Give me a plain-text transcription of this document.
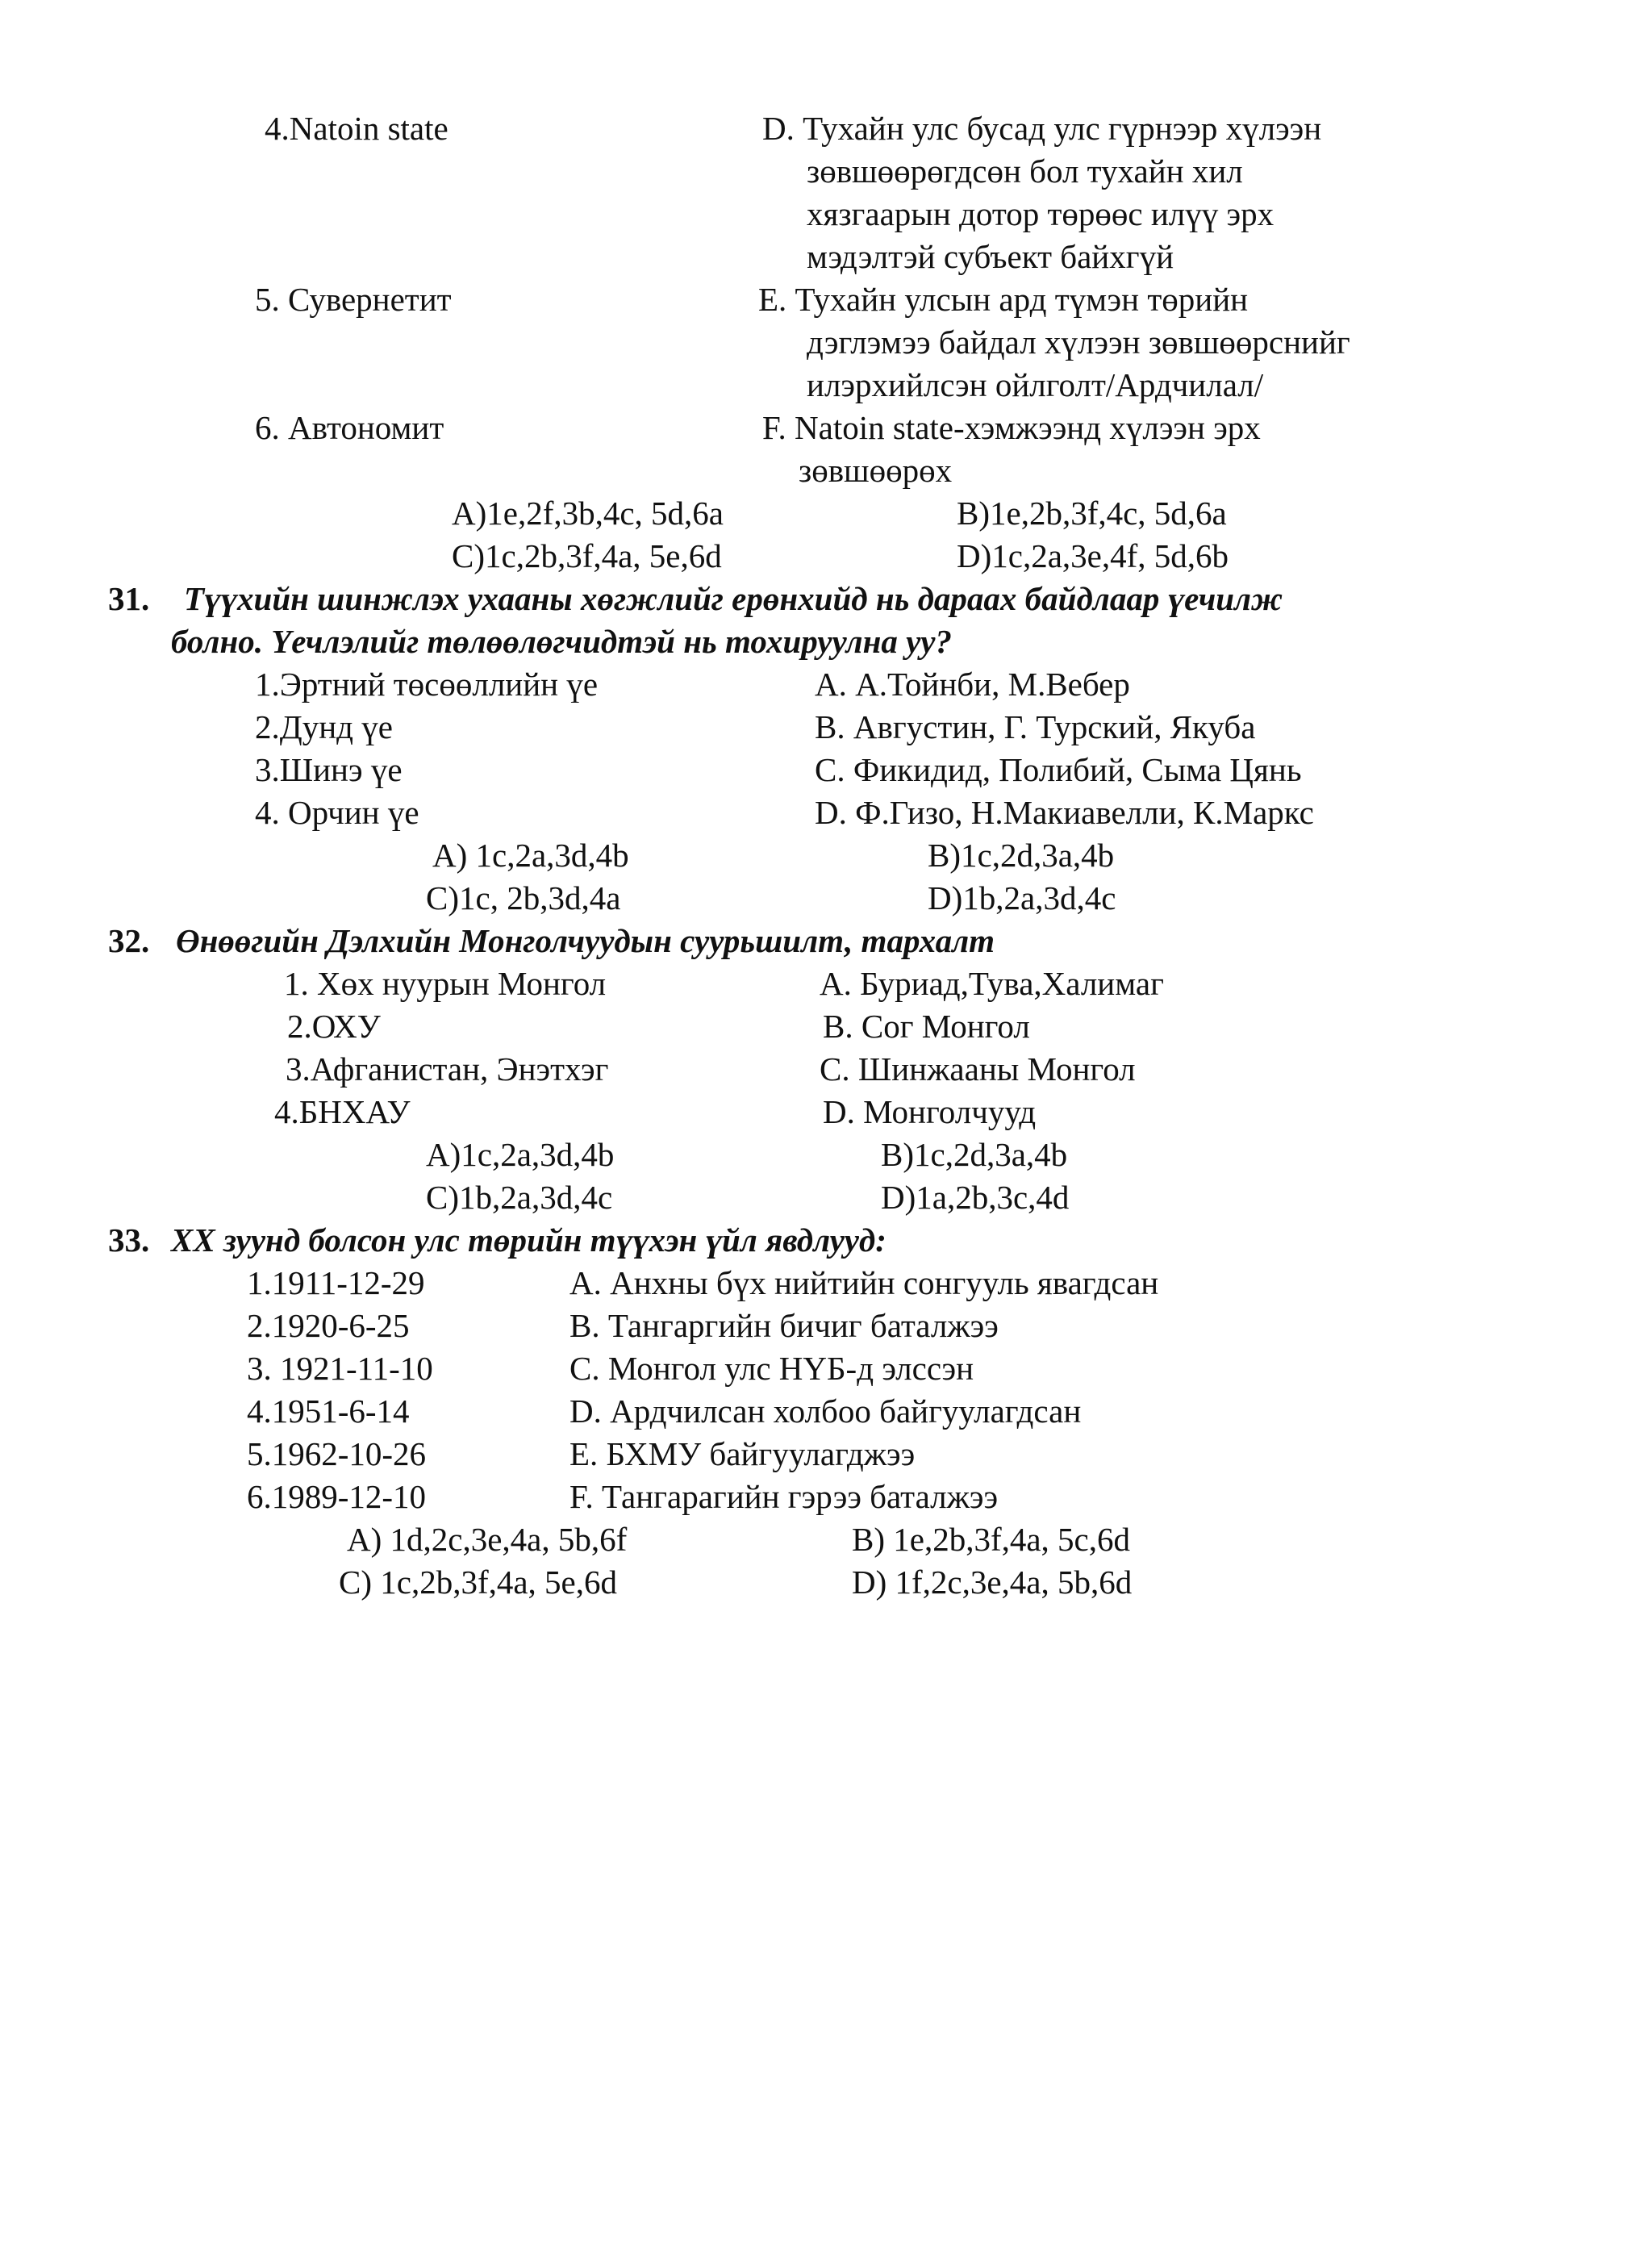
4.Natoin state	D. Тухайн улс бусад улс гүрнээр хүлээн
зөвшөөрөгдсөн бол тухайн хил
хязгаарын дотор төрөөс илүү эрх
мэдэлтэй субъект байхгүй
5. Сувернетит	E. Тухайн улсын ард түмэн төрийн
дэглэмээ байдал хүлээн зөвшөөрснийг
илэрхийлсэн ойлголт/Ардчилал/
6. Автономит	F. Natoin state-хэмжээнд хүлээн эрх
зөвшөөрөх
A)1e,2f,3b,4c, 5d,6a	B)1e,2b,3f,4c, 5d,6a
C)1c,2b,3f,4a, 5e,6d	D)1c,2a,3e,4f, 5d,6b
31. Түүхийн шинжлэх ухааны хөгжлийг ерөнхийд нь дараах байдлаар үечилж
болно. Үечлэлийг төлөөлөгчидтэй нь тохируулна уу?
1.Эртний төсөөллийн үе	A. А.Тойнби, М.Вебер
2.Дунд үе	B. Августин, Г. Турский, Якуба
3.Шинэ үе	C. Фикидид, Полибий, Сыма Цянь
4. Орчин үе	D. Ф.Гизо, Н.Макиавелли, К.Маркс
A) 1c,2a,3d,4b	B)1c,2d,3a,4b
C)1c, 2b,3d,4a	D)1b,2a,3d,4c
32. Өнөөгийн Дэлхийн Монголчуудын суурьшилт, тархалт
1. Хөх нуурын Монгол	A. Буриад,Тува,Халимаг
2.ОХУ	B. Сог Монгол
3.Афганистан, Энэтхэг	C. Шинжааны Монгол
4.БНХАУ	D. Монголчууд
A)1c,2a,3d,4b	B)1c,2d,3a,4b
C)1b,2a,3d,4c	D)1a,2b,3c,4d
33. XX зуунд болсон улс төрийн түүхэн үйл явдлууд:
1.1911-12-29	A. Анхны бүх нийтийн сонгууль явагдсан
2.1920-6-25	B. Тангаргийн бичиг баталжээ
3. 1921-11-10	C. Монгол улс НҮБ-д элссэн
4.1951-6-14	D. Ардчилсан холбоо байгуулагдсан
5.1962-10-26	E. БХМУ байгуулагджээ
6.1989-12-10	F. Тангарагийн гэрээ баталжээ
A) 1d,2c,3e,4a, 5b,6f	B) 1e,2b,3f,4a, 5c,6d
C) 1c,2b,3f,4a, 5e,6d	D) 1f,2c,3e,4a, 5b,6d
